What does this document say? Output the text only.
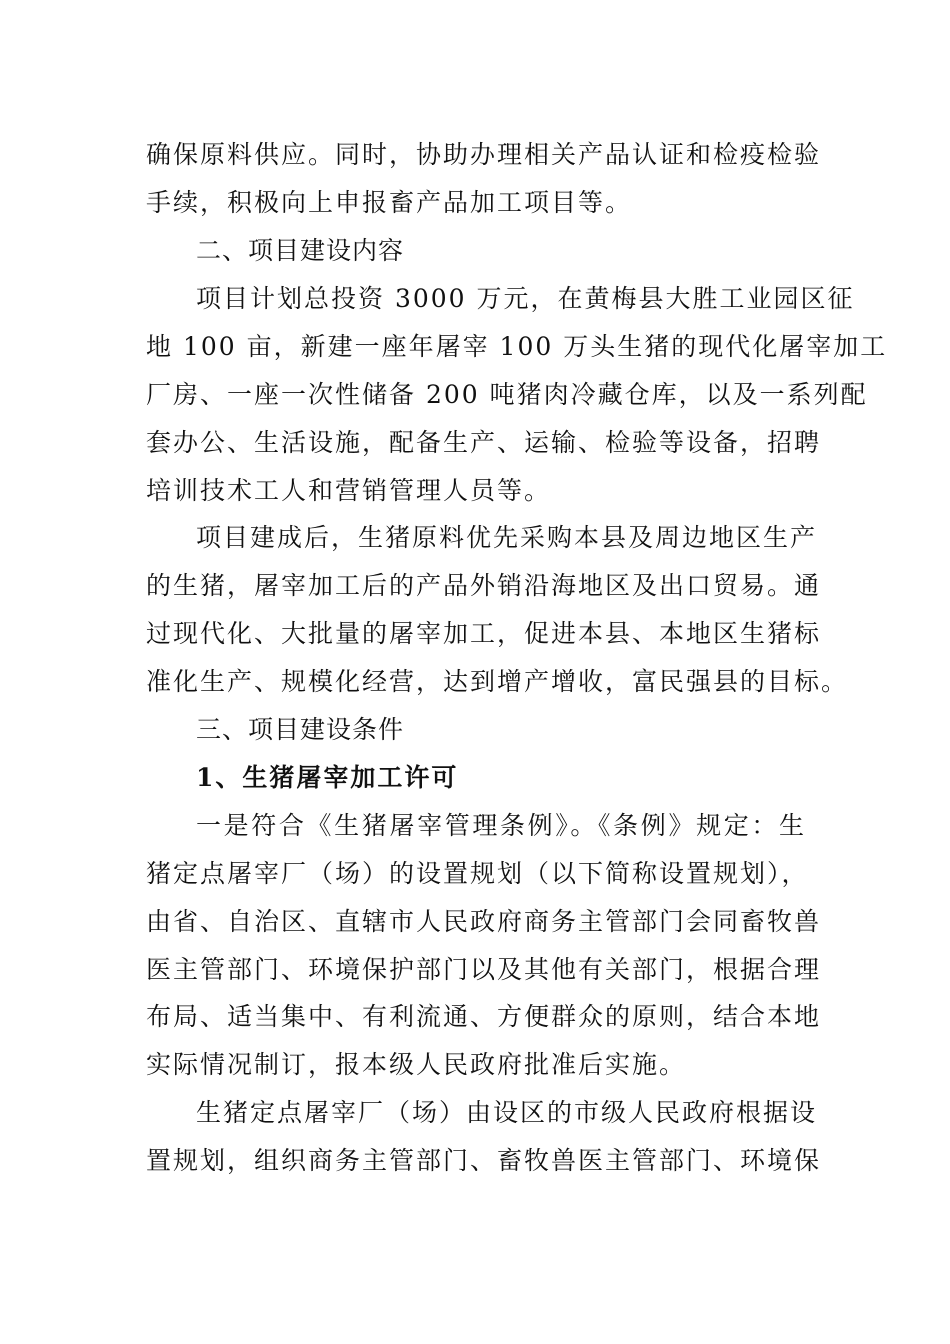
确保原料供应。同时，协助办理相关产品认证和检疫检验
手续，积极向上申报畜产品加工项目等。
二、项目建设内容
项目计划总投资 3000 万元，在黄梅县大胜工业园区征
地 100 亩，新建一座年屠宰 100 万头生猪的现代化屠宰加工
厂房、一座一次性储备 200 吨猪肉冷藏仓库，以及一系列配
套办公、生活设施，配备生产、运输、检验等设备，招聘
培训技术工人和营销管理人员等。
项目建成后，生猪原料优先采购本县及周边地区生产
的生猪，屠宰加工后的产品外销沿海地区及出口贸易。通
过现代化、大批量的屠宰加工，促进本县、本地区生猪标
准化生产、规模化经营，达到增产增收，富民强县的目标。
三、项目建设条件
1、生猪屠宰加工许可
一是符合《生猪屠宰管理条例》。《条例》规定：生
猪定点屠宰厂（场）的设置规划（以下简称设置规划），
由省、自治区、直辖市人民政府商务主管部门会同畜牧兽
医主管部门、环境保护部门以及其他有关部门，根据合理
布局、适当集中、有利流通、方便群众的原则，结合本地
实际情况制订，报本级人民政府批准后实施。
生猪定点屠宰厂（场）由设区的市级人民政府根据设
置规划，组织商务主管部门、畜牧兽医主管部门、环境保
